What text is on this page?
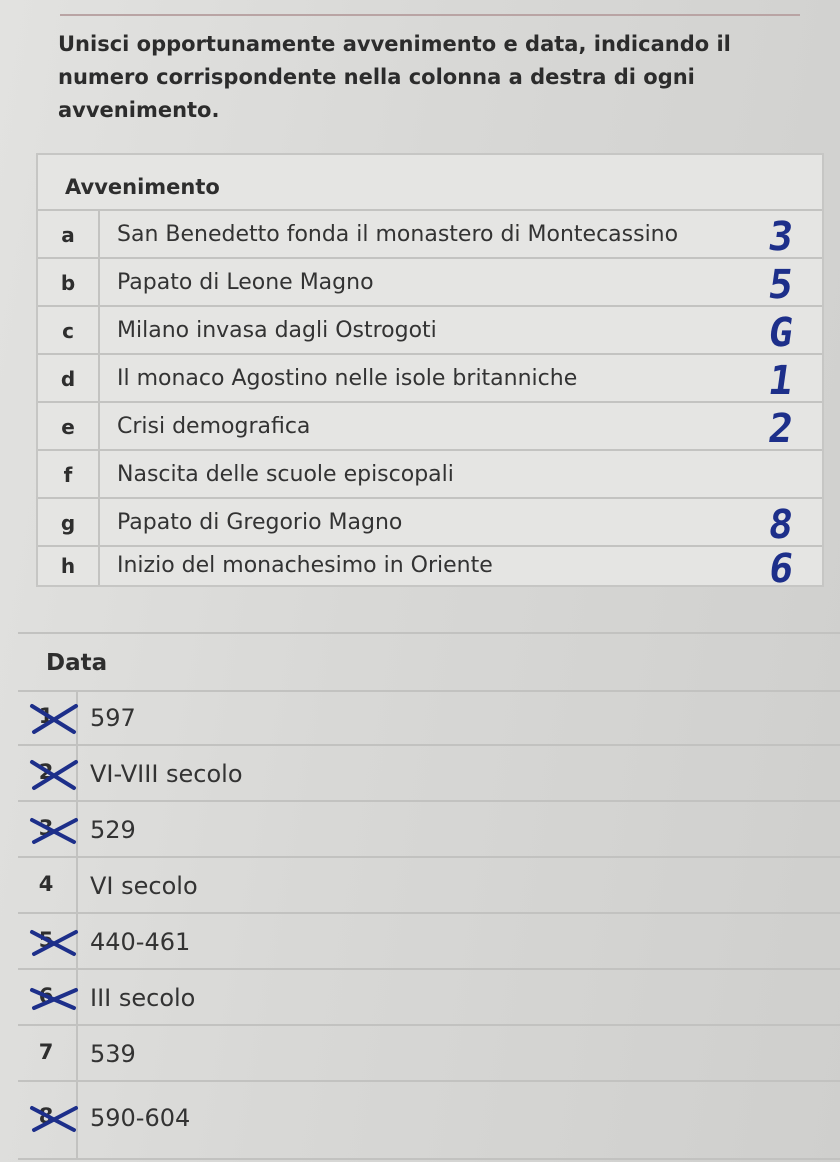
Unisci opportunamente avvenimento e data, indicando il numero corrispondente nella colonna a destra di ogni avvenimento.

Avvenimento
a	San Benedetto fonda il monastero di Montecassino	3
b	Papato di Leone Magno	5
c	Milano invasa dagli Ostrogoti	G
d	Il monaco Agostino nelle isole britanniche	1
e	Crisi demografica	2
f	Nascita delle scuole episcopali
g	Papato di Gregorio Magno	8
h	Inizio del monachesimo in Oriente	6
Data
1	597
2	VI-VIII secolo
3	529
4	VI secolo
5	440-461
6	III secolo
7	539
8	590-604
